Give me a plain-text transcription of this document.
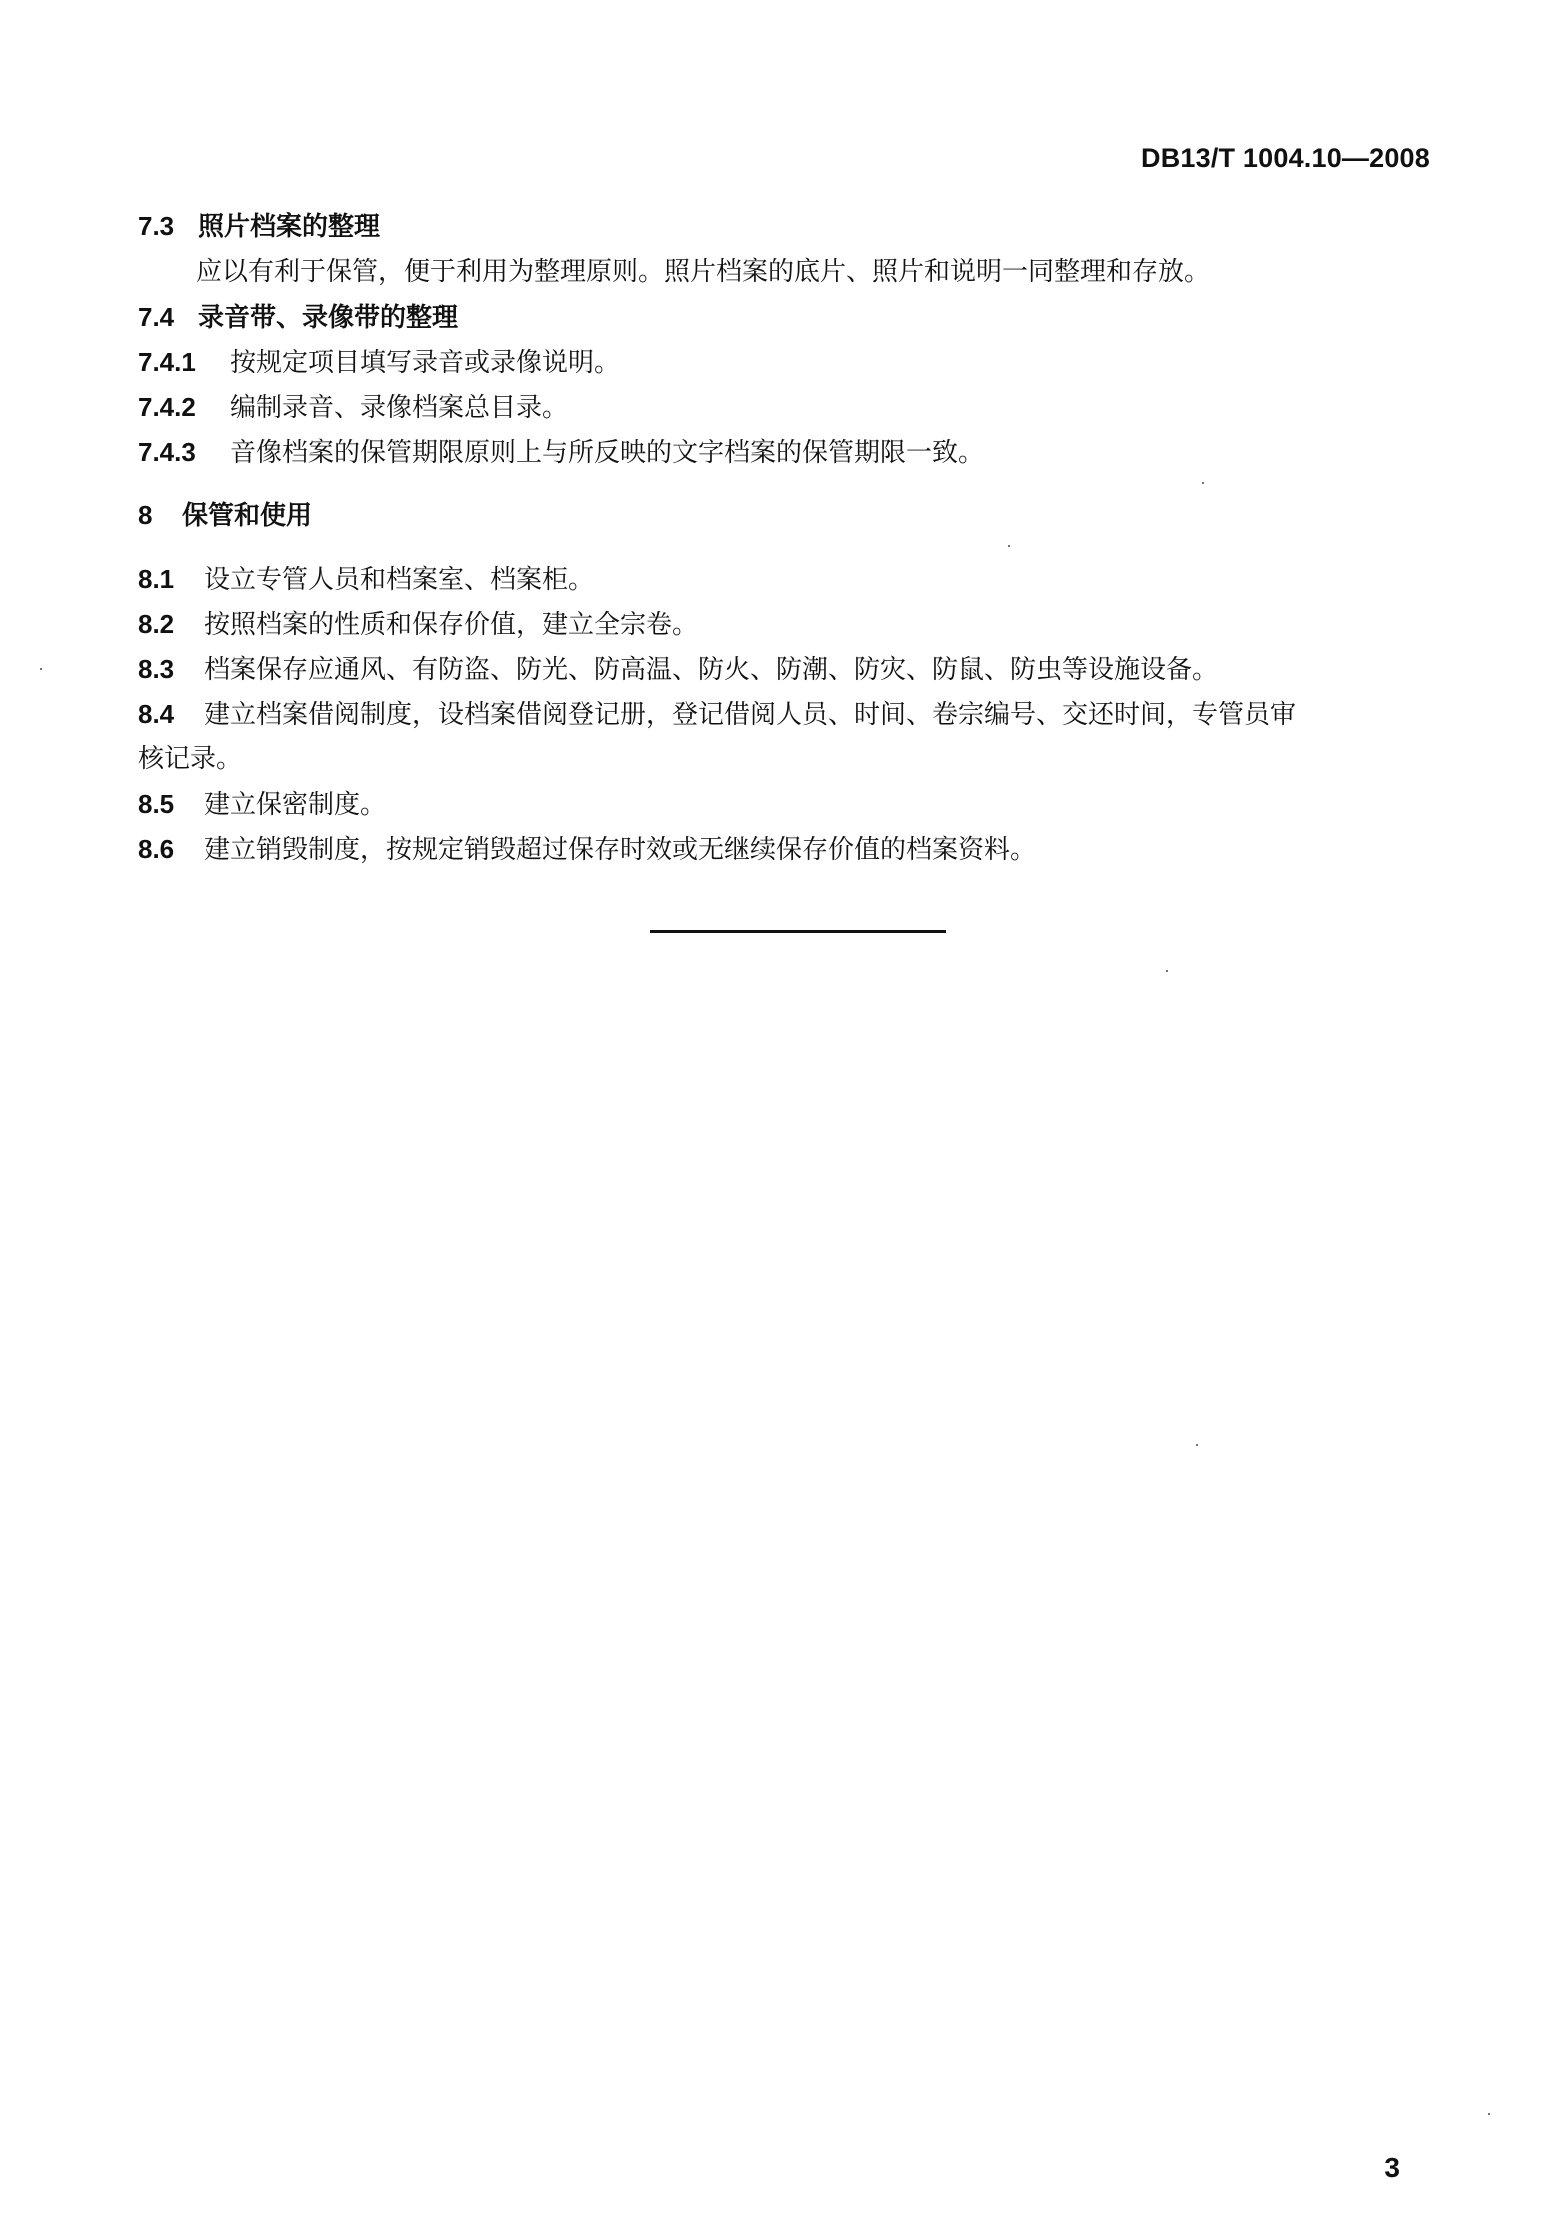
DB13/T 1004.10—2008
7.3 照片档案的整理
应以有利于保管，便于利用为整理原则。照片档案的底片、照片和说明一同整理和存放。
7.4 录音带、录像带的整理
7.4.1 按规定项目填写录音或录像说明。
7.4.2 编制录音、录像档案总目录。
7.4.3 音像档案的保管期限原则上与所反映的文字档案的保管期限一致。
8 保管和使用
8.1 设立专管人员和档案室、档案柜。
8.2 按照档案的性质和保存价值，建立全宗卷。
8.3 档案保存应通风、有防盗、防光、防高温、防火、防潮、防灾、防鼠、防虫等设施设备。
8.4 建立档案借阅制度，设档案借阅登记册，登记借阅人员、时间、卷宗编号、交还时间，专管员审
核记录。
8.5 建立保密制度。
8.6 建立销毁制度，按规定销毁超过保存时效或无继续保存价值的档案资料。
3
